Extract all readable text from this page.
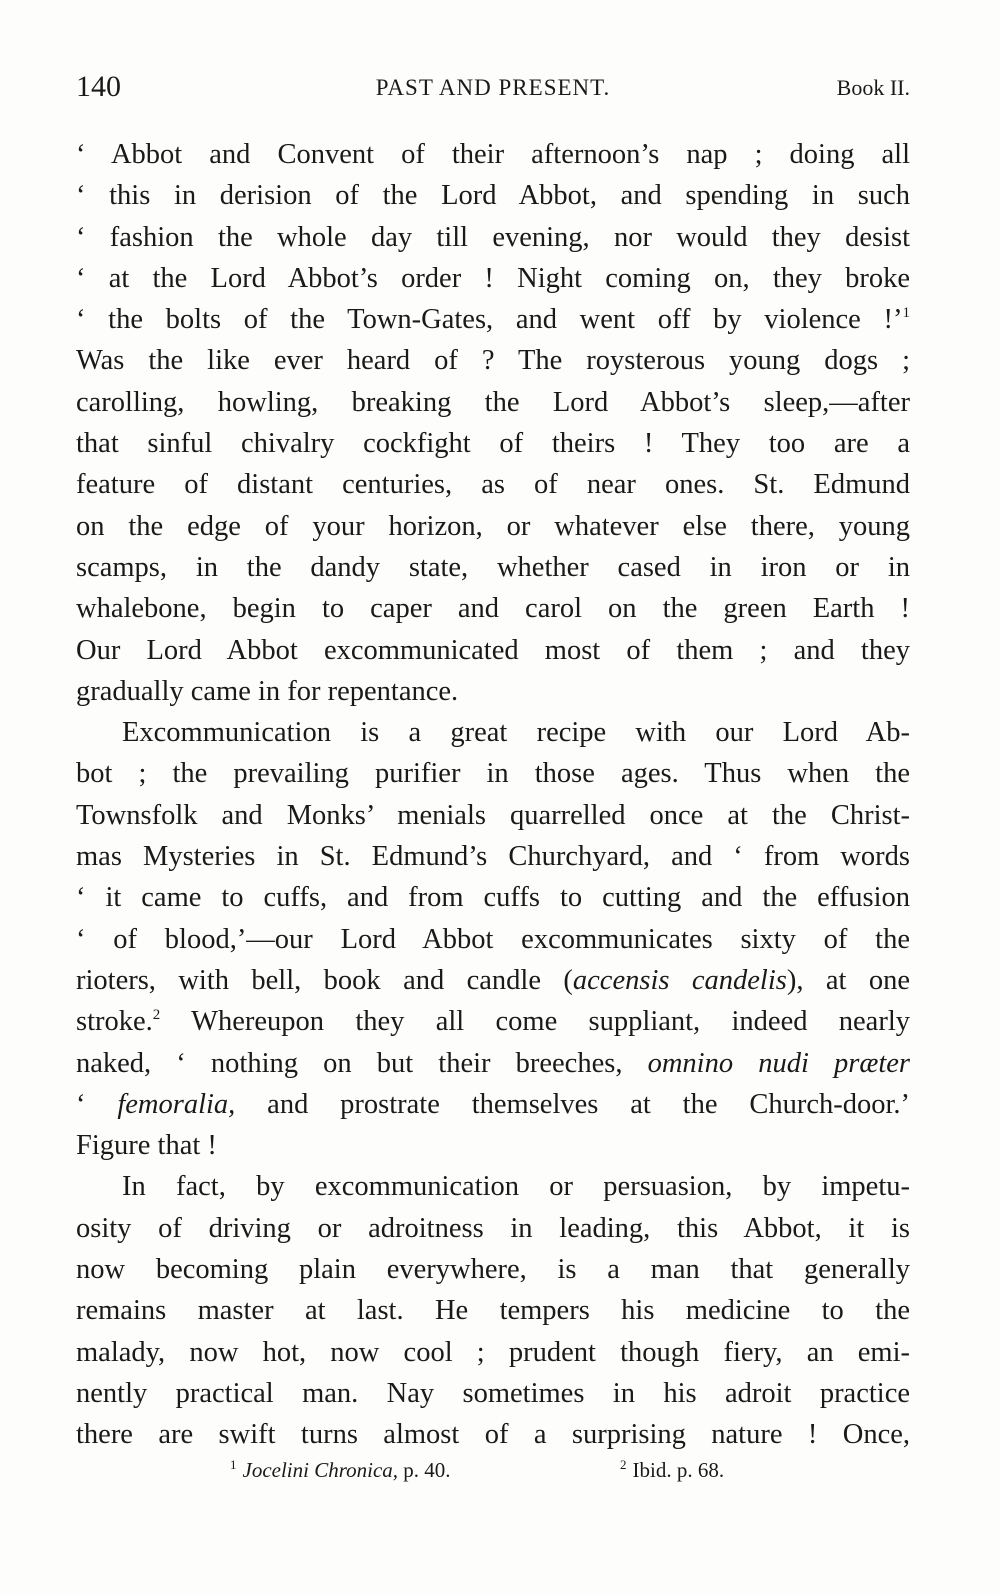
140	PAST AND PRESENT.	Book II.
‘ Abbot and Convent of their afternoon’s nap ; doing all
‘ this in derision of the Lord Abbot, and spending in such
‘ fashion the whole day till evening, nor would they desist
‘ at the Lord Abbot’s order ! Night coming on, they broke
‘ the bolts of the Town-Gates, and went off by violence !’$^1$
Was the like ever heard of ? The roysterous young dogs ;
carolling, howling, breaking the Lord Abbot’s sleep,—after
that sinful chivalry cockfight of theirs ! They too are a
feature of distant centuries, as of near ones. St. Edmund
on the edge of your horizon, or whatever else there, young
scamps, in the dandy state, whether cased in iron or in
whalebone, begin to caper and carol on the green Earth !
Our Lord Abbot excommunicated most of them ; and they
gradually came in for repentance.
Excommunication is a great recipe with our Lord Ab-
bot ; the prevailing purifier in those ages. Thus when the
Townsfolk and Monks’ menials quarrelled once at the Christ-
mas Mysteries in St. Edmund’s Churchyard, and ‘ from words
‘ it came to cuffs, and from cuffs to cutting and the effusion
‘ of blood,’—our Lord Abbot excommunicates sixty of the
rioters, with bell, book and candle (accensis candelis), at one
stroke.$^2$ Whereupon they all come suppliant, indeed nearly
naked, ‘ nothing on but their breeches, omnino nudi præter
‘ femoralia, and prostrate themselves at the Church-door.’
Figure that !
In fact, by excommunication or persuasion, by impetu-
osity of driving or adroitness in leading, this Abbot, it is
now becoming plain everywhere, is a man that generally
remains master at last. He tempers his medicine to the
malady, now hot, now cool ; prudent though fiery, an emi-
nently practical man. Nay sometimes in his adroit practice
there are swift turns almost of a surprising nature ! Once,
$^1$ Jocelini Chronica, p. 40.	$^2$ Ibid. p. 68.
